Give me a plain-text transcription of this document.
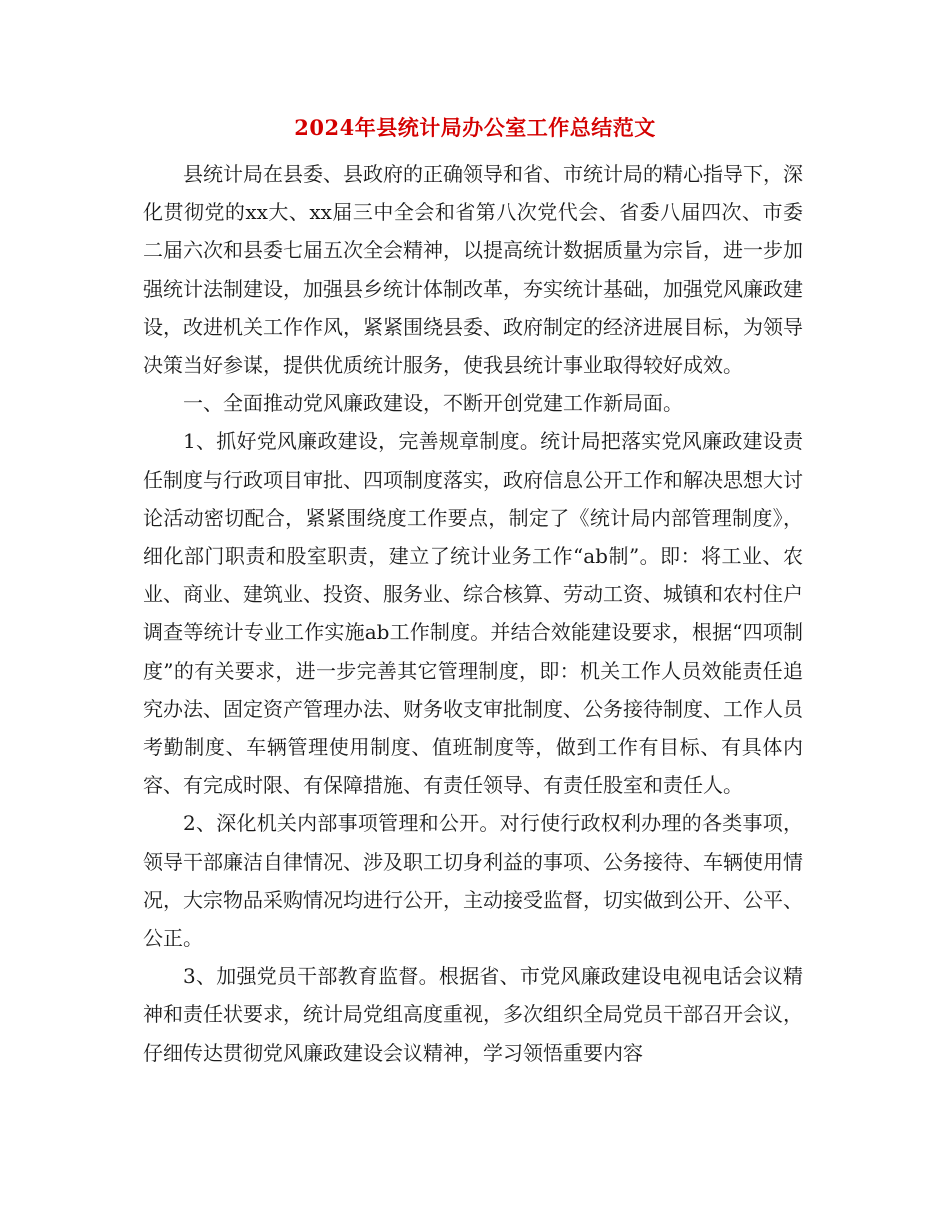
2024年县统计局办公室工作总结范文

县统计局在县委、县政府的正确领导和省、市统计局的精心指导下，深化贯彻党的xx大、xx届三中全会和省第八次党代会、省委八届四次、市委二届六次和县委七届五次全会精神，以提高统计数据质量为宗旨，进一步加强统计法制建设，加强县乡统计体制改革，夯实统计基础，加强党风廉政建设，改进机关工作作风，紧紧围绕县委、政府制定的经济进展目标，为领导决策当好参谋，提供优质统计服务，使我县统计事业取得较好成效。

一、全面推动党风廉政建设，不断开创党建工作新局面。

1、抓好党风廉政建设，完善规章制度。统计局把落实党风廉政建设责任制度与行政项目审批、四项制度落实，政府信息公开工作和解决思想大讨论活动密切配合，紧紧围绕度工作要点，制定了《统计局内部管理制度》，细化部门职责和股室职责，建立了统计业务工作“ab制”。即：将工业、农业、商业、建筑业、投资、服务业、综合核算、劳动工资、城镇和农村住户调查等统计专业工作实施ab工作制度。并结合效能建设要求，根据“四项制度”的有关要求，进一步完善其它管理制度，即：机关工作人员效能责任追究办法、固定资产管理办法、财务收支审批制度、公务接待制度、工作人员考勤制度、车辆管理使用制度、值班制度等，做到工作有目标、有具体内容、有完成时限、有保障措施、有责任领导、有责任股室和责任人。

2、深化机关内部事项管理和公开。对行使行政权利办理的各类事项，领导干部廉洁自律情况、涉及职工切身利益的事项、公务接待、车辆使用情况，大宗物品采购情况均进行公开，主动接受监督，切实做到公开、公平、公正。

3、加强党员干部教育监督。根据省、市党风廉政建设电视电话会议精神和责任状要求，统计局党组高度重视，多次组织全局党员干部召开会议，仔细传达贯彻党风廉政建设会议精神，学习领悟重要内容
